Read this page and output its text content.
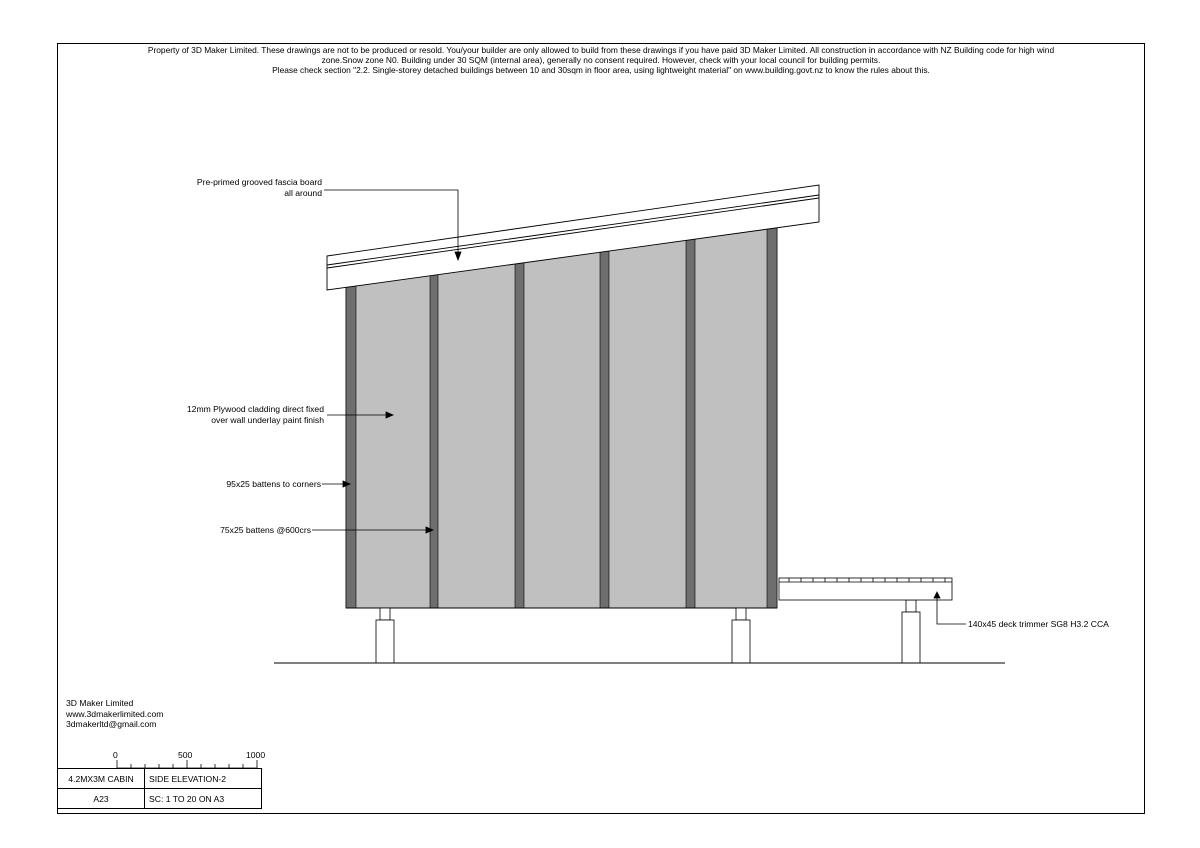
Property of 3D Maker Limited. These drawings are not to be produced or resold. You/your builder are only allowed to build from these drawings if you have paid 3D Maker Limited. All construction in accordance with NZ Building code for high wind
zone.Snow zone N0. Building under 30 SQM (internal area), generally no consent required. However, check with your local council for building permits.
Please check section "2.2. Single-storey detached buildings between 10 and 30sqm in floor area, using lightweight material" on www.building.govt.nz to know the rules about this.
Pre-primed grooved fascia board
all around
12mm Plywood cladding direct fixed
over wall underlay paint finish
95x25 battens to corners
75x25 battens @600crs
140x45 deck trimmer SG8 H3.2 CCA
3D Maker Limited
www.3dmakerlimited.com
3dmakerltd@gmail.com
0	500	1000
4.2MX3M CABIN	SIDE ELEVATION-2
A23	SC: 1 TO 20 ON A3
